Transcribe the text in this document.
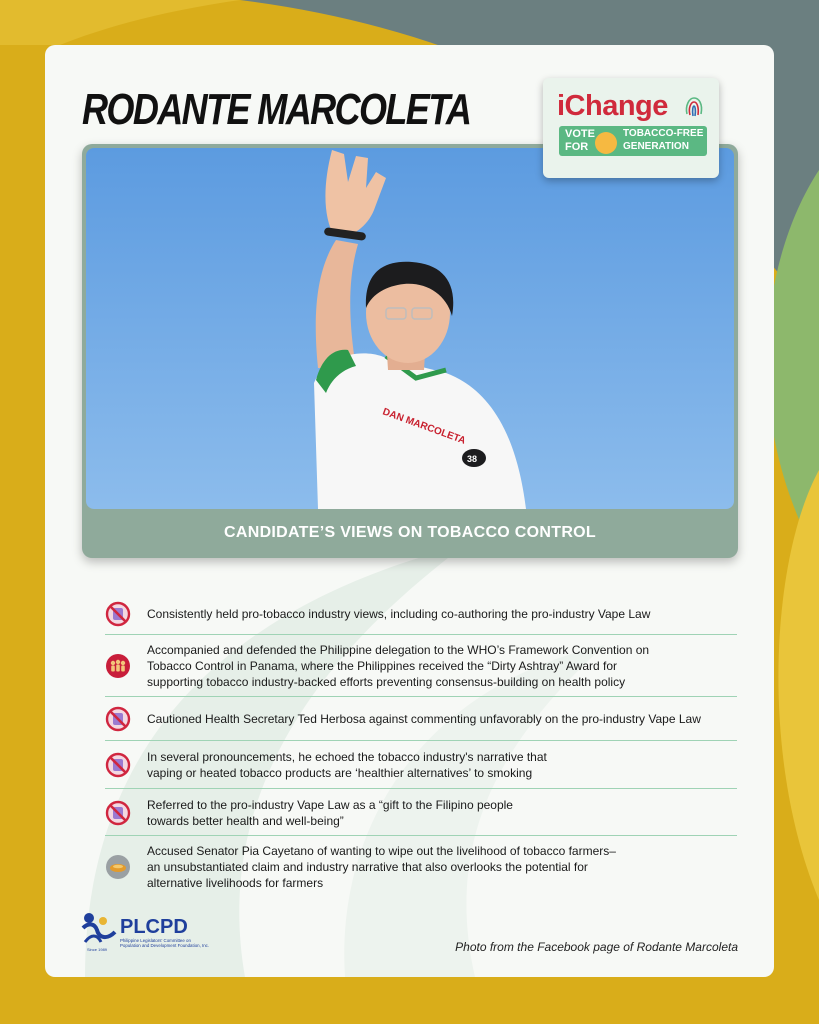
RODANTE MARCOLETA	iChange
VOTE
FOR
TOBACCO-FREE
GENERATION
DAN MARCOLETA
38
CANDIDATE’S VIEWS ON TOBACCO CONTROL
Consistently held pro-tobacco industry views, including co-authoring the pro-industry Vape Law
Accompanied and defended the Philippine delegation to the WHO’s Framework Convention on
Tobacco Control in Panama, where the Philippines received the “Dirty Ashtray” Award for
supporting tobacco industry-backed efforts preventing consensus-building on health policy
Cautioned Health Secretary Ted Herbosa against commenting unfavorably on the pro-industry Vape Law
In several pronouncements, he echoed the tobacco industry's narrative that
vaping or heated tobacco products are ‘healthier alternatives’ to smoking
Referred to the pro-industry Vape Law as a “gift to the Filipino people
towards better health and well-being”
Accused Senator Pia Cayetano of wanting to wipe out the livelihood of tobacco farmers–
an unsubstantiated claim and industry narrative that also overlooks the potential for
alternative livelihoods for farmers
PLCPD
Philippine Legislators' Committee on Population and Development Foundation, Inc.
Since 1989	Photo from the Facebook page of Rodante Marcoleta
